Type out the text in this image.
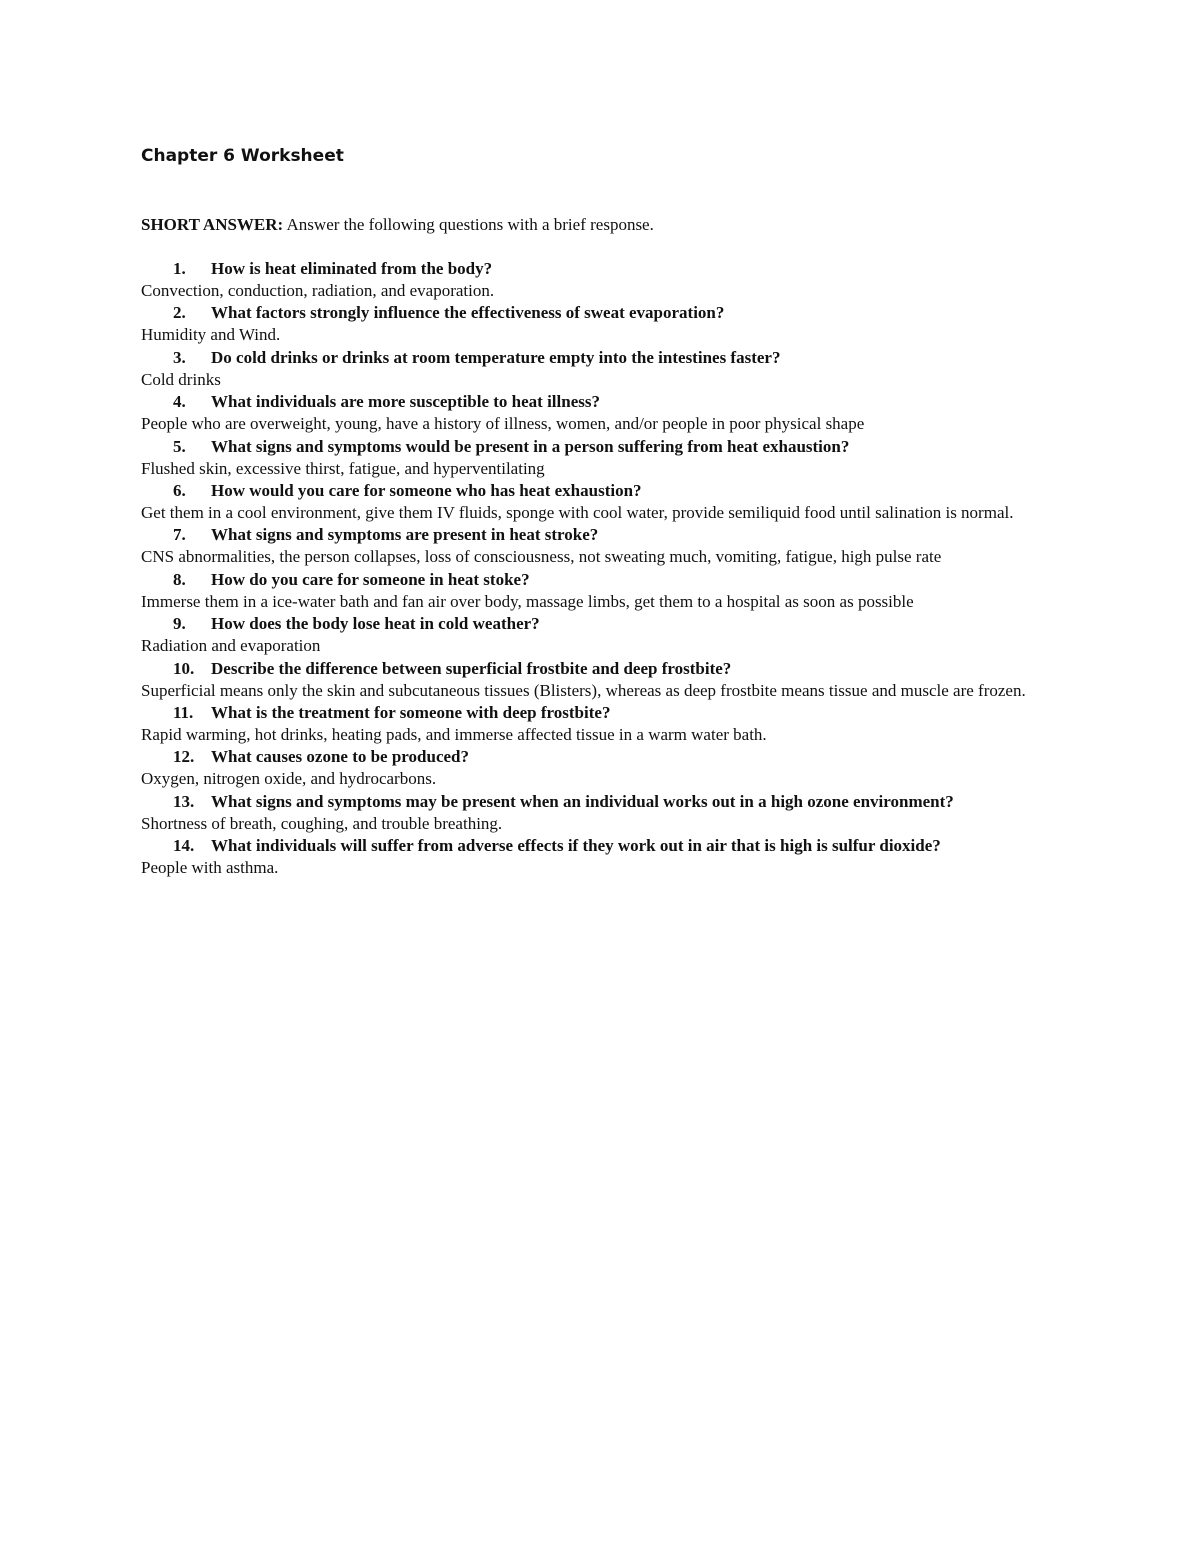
Chapter 6 Worksheet
SHORT ANSWER: Answer the following questions with a brief response.
1.	How is heat eliminated from the body?
Convection, conduction, radiation, and evaporation.
2.	What factors strongly influence the effectiveness of sweat evaporation?
Humidity and Wind.
3.	Do cold drinks or drinks at room temperature empty into the intestines faster?
Cold drinks
4.	What individuals are more susceptible to heat illness?
People who are overweight, young, have a history of illness, women, and/or people in poor physical shape
5.	What signs and symptoms would be present in a person suffering from heat exhaustion?
Flushed skin, excessive thirst, fatigue, and hyperventilating
6.	How would you care for someone who has heat exhaustion?
Get them in a cool environment, give them IV fluids, sponge with cool water, provide semiliquid food until salination is normal.
7.	What signs and symptoms are present in heat stroke?
CNS abnormalities, the person collapses, loss of consciousness, not sweating much, vomiting, fatigue, high pulse rate
8.	How do you care for someone in heat stoke?
Immerse them in a ice-water bath and fan air over body, massage limbs, get them to a hospital as soon as possible
9.	How does the body lose heat in cold weather?
Radiation and evaporation
10. Describe the difference between superficial frostbite and deep frostbite?
Superficial means only the skin and subcutaneous tissues (Blisters), whereas as deep frostbite means tissue and muscle are frozen.
11.	What is the treatment for someone with deep frostbite?
Rapid warming, hot drinks, heating pads, and immerse affected tissue in a warm water bath.
12. What causes ozone to be produced?
Oxygen, nitrogen oxide, and hydrocarbons.
13. What signs and symptoms may be present when an individual works out in a high ozone environment?
Shortness of breath, coughing, and trouble breathing.
14. What individuals will suffer from adverse effects if they work out in air that is high is sulfur dioxide?
People with asthma.
